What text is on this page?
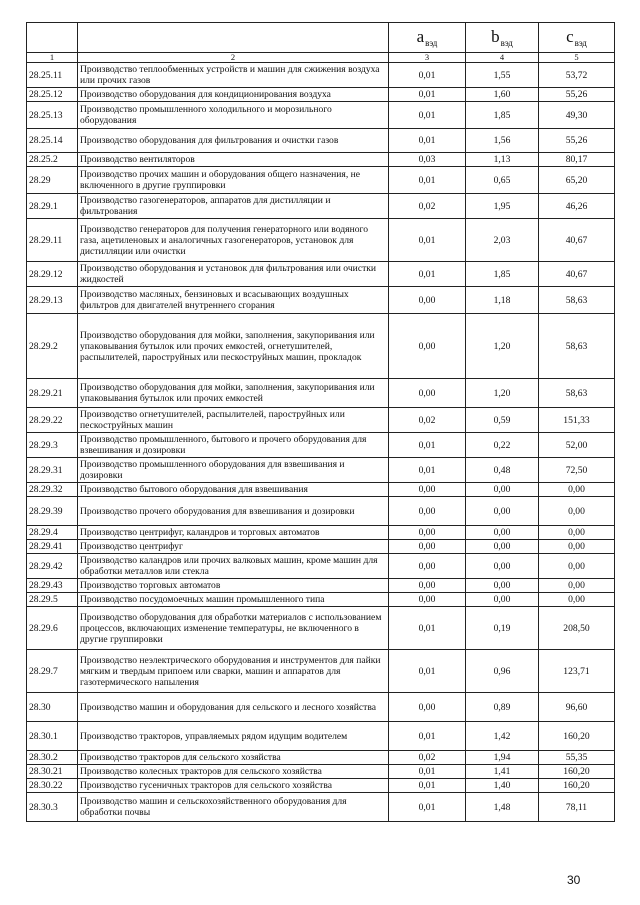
		$a_{вэд}$	$b_{вэд}$	$c_{вэд}$
1	2	3	4	5
28.25.11	Производство теплообменных устройств и машин для сжижения воздуха или прочих газов	0,01	1,55	53,72
28.25.12	Производство оборудования для кондиционирования воздуха	0,01	1,60	55,26
28.25.13	Производство промышленного холодильного и морозильного оборудования	0,01	1,85	49,30
28.25.14	Производство оборудования для фильтрования и очистки газов	0,01	1,56	55,26
28.25.2	Производство вентиляторов	0,03	1,13	80,17
28.29	Производство прочих машин и оборудования общего назначения, не включенного в другие группировки	0,01	0,65	65,20
28.29.1	Производство газогенераторов, аппаратов для дистилляции и фильтрования	0,02	1,95	46,26
28.29.11	Производство генераторов для получения генераторного или водяного газа, ацетиленовых и аналогичных газогенераторов, установок для дистилляции или очистки	0,01	2,03	40,67
28.29.12	Производство оборудования и установок для фильтрования или очистки жидкостей	0,01	1,85	40,67
28.29.13	Производство масляных, бензиновых и всасывающих воздушных фильтров для двигателей внутреннего сгорания	0,00	1,18	58,63
28.29.2	Производство оборудования для мойки, заполнения, закупоривания или упаковывания бутылок или прочих емкостей, огнетушителей, распылителей, пароструйных или пескоструйных машин, прокладок	0,00	1,20	58,63
28.29.21	Производство оборудования для мойки, заполнения, закупоривания или упаковывания бутылок или прочих емкостей	0,00	1,20	58,63
28.29.22	Производство огнетушителей, распылителей, пароструйных или пескоструйных машин	0,02	0,59	151,33
28.29.3	Производство промышленного, бытового и прочего оборудования для взвешивания и дозировки	0,01	0,22	52,00
28.29.31	Производство промышленного оборудования для взвешивания и дозировки	0,01	0,48	72,50
28.29.32	Производство бытового оборудования для взвешивания	0,00	0,00	0,00
28.29.39	Производство прочего оборудования для взвешивания и дозировки	0,00	0,00	0,00
28.29.4	Производство центрифуг, каландров и торговых автоматов	0,00	0,00	0,00
28.29.41	Производство центрифуг	0,00	0,00	0,00
28.29.42	Производство каландров или прочих валковых машин, кроме машин для обработки металлов или стекла	0,00	0,00	0,00
28.29.43	Производство торговых автоматов	0,00	0,00	0,00
28.29.5	Производство посудомоечных машин промышленного типа	0,00	0,00	0,00
28.29.6	Производство оборудования для обработки материалов с использованием процессов, включающих изменение температуры, не включенного в другие группировки	0,01	0,19	208,50
28.29.7	Производство неэлектрического оборудования и инструментов для пайки мягким и твердым припоем или сварки, машин и аппаратов для газотермического напыления	0,01	0,96	123,71
28.30	Производство машин и оборудования для сельского и лесного хозяйства	0,00	0,89	96,60
28.30.1	Производство тракторов, управляемых рядом идущим водителем	0,01	1,42	160,20
28.30.2	Производство тракторов для сельского хозяйства	0,02	1,94	55,35
28.30.21	Производство колесных тракторов для сельского хозяйства	0,01	1,41	160,20
28.30.22	Производство гусеничных тракторов для сельского хозяйства	0,01	1,40	160,20
28.30.3	Производство машин и сельскохозяйственного оборудования для обработки почвы	0,01	1,48	78,11
30
